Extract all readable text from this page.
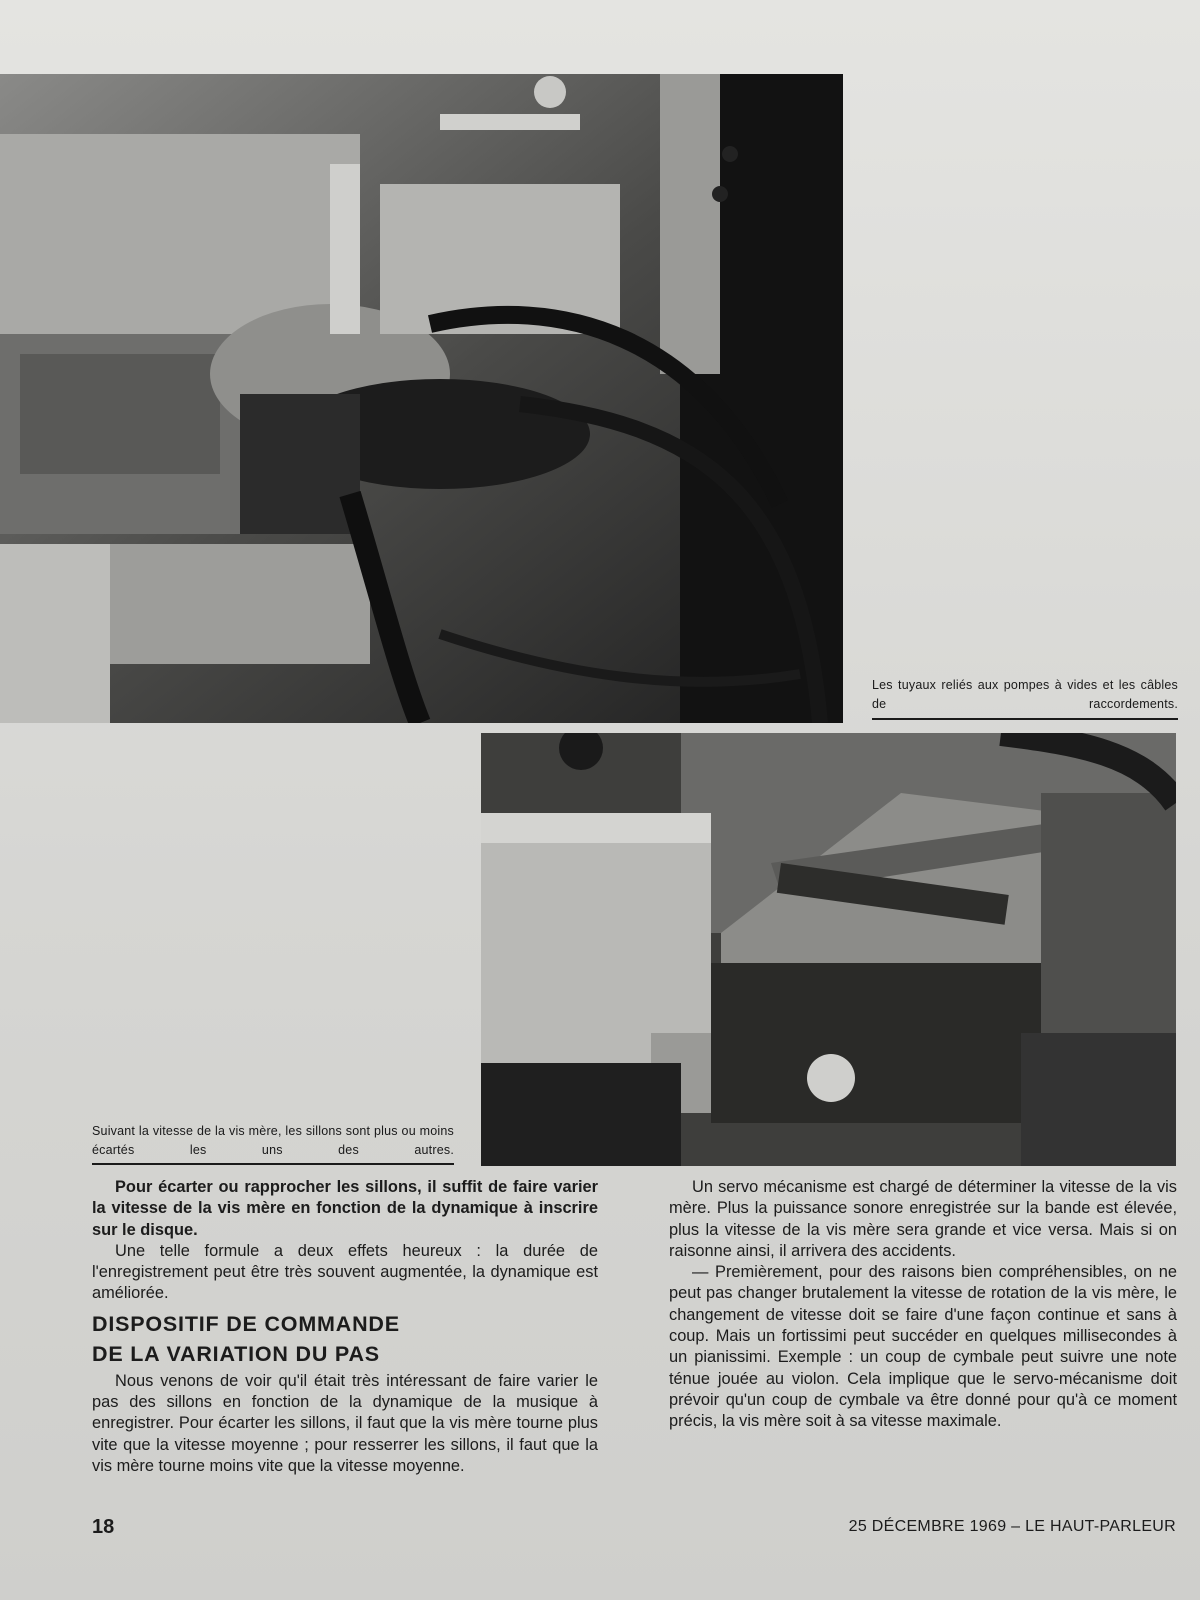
Les tuyaux reliés aux pompes à vides et les câbles de raccordements.
Suivant la vitesse de la vis mère, les sillons sont plus ou moins écartés les uns des autres.

Pour écarter ou rapprocher les sillons, il suffit de faire varier la vitesse de la vis mère en fonction de la dynamique à inscrire sur le disque.

Une telle formule a deux effets heureux : la durée de l'enregistrement peut être très souvent augmentée, la dynamique est améliorée.

DISPOSITIF DE COMMANDE
DE LA VARIATION DU PAS

Nous venons de voir qu'il était très intéressant de faire varier le pas des sillons en fonction de la dynamique de la musique à enregistrer. Pour écarter les sillons, il faut que la vis mère tourne plus vite que la vitesse moyenne ; pour resserrer les sillons, il faut que la vis mère tourne moins vite que la vitesse moyenne.

Un servo mécanisme est chargé de déterminer la vitesse de la vis mère. Plus la puissance sonore enregistrée sur la bande est élevée, plus la vitesse de la vis mère sera grande et vice versa. Mais si on raisonne ainsi, il arrivera des accidents.

— Premièrement, pour des raisons bien compréhensibles, on ne peut pas changer brutalement la vitesse de rotation de la vis mère, le changement de vitesse doit se faire d'une façon continue et sans à coup. Mais un fortissimi peut succéder en quelques millisecondes à un pianissimi. Exemple : un coup de cymbale peut suivre une note ténue jouée au violon. Cela implique que le servo-mécanisme doit prévoir qu'un coup de cymbale va être donné pour qu'à ce moment précis, la vis mère soit à sa vitesse maximale.

18	25 DÉCEMBRE 1969 – LE HAUT-PARLEUR
